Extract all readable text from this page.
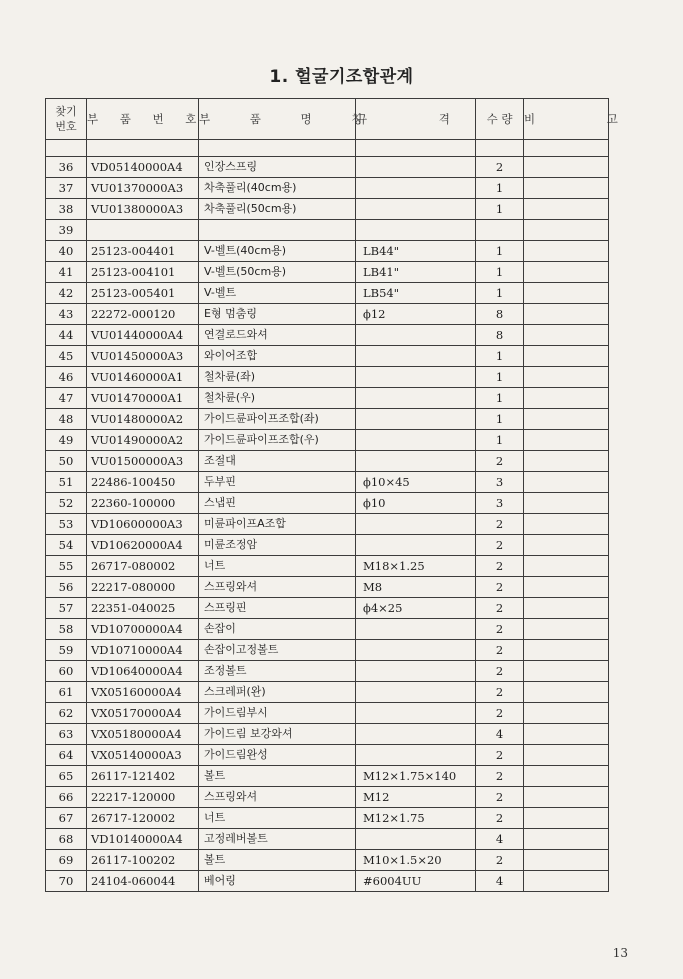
1. 헐굴기조합관계
찾기
번호	부 품 번 호	부 품 명 칭	규 격	수 량	비 고

36	VD05140000A4	인장스프링		2	
37	VU01370000A3	차축풀리(40cm용)		1	
38	VU01380000A3	차축풀리(50cm용)		1	
39					
40	25123-004401	V-벨트(40cm용)	LB44"	1	
41	25123-004101	V-벨트(50cm용)	LB41"	1	
42	25123-005401	V-벨트	LB54"	1	
43	22272-000120	E형 멈춤링	ϕ12	8	
44	VU01440000A4	연결로드와셔		8	
45	VU01450000A3	와이어조합		1	
46	VU01460000A1	철차륜(좌)		1	
47	VU01470000A1	철차륜(우)		1	
48	VU01480000A2	가이드륜파이프조합(좌)		1	
49	VU01490000A2	가이드륜파이프조합(우)		1	
50	VU01500000A3	조절대		2	
51	22486-100450	두부핀	ϕ10×45	3	
52	22360-100000	스냅핀	ϕ10	3	
53	VD10600000A3	미륜파이프A조합		2	
54	VD10620000A4	미륜조정암		2	
55	26717-080002	너트	M18×1.25	2	
56	22217-080000	스프링와셔	M8	2	
57	22351-040025	스프링핀	ϕ4×25	2	
58	VD10700000A4	손잡이		2	
59	VD10710000A4	손잡이고정볼트		2	
60	VD10640000A4	조정볼트		2	
61	VX05160000A4	스크레퍼(완)		2	
62	VX05170000A4	가이드림부시		2	
63	VX05180000A4	가이드림 보강와셔		4	
64	VX05140000A3	가이드림완성		2	
65	26117-121402	볼트	M12×1.75×140	2	
66	22217-120000	스프링와셔	M12	2	
67	26717-120002	너트	M12×1.75	2	
68	VD10140000A4	고정레버볼트		4	
69	26117-100202	볼트	M10×1.5×20	2	
70	24104-060044	베어링	#6004UU	4	
13
